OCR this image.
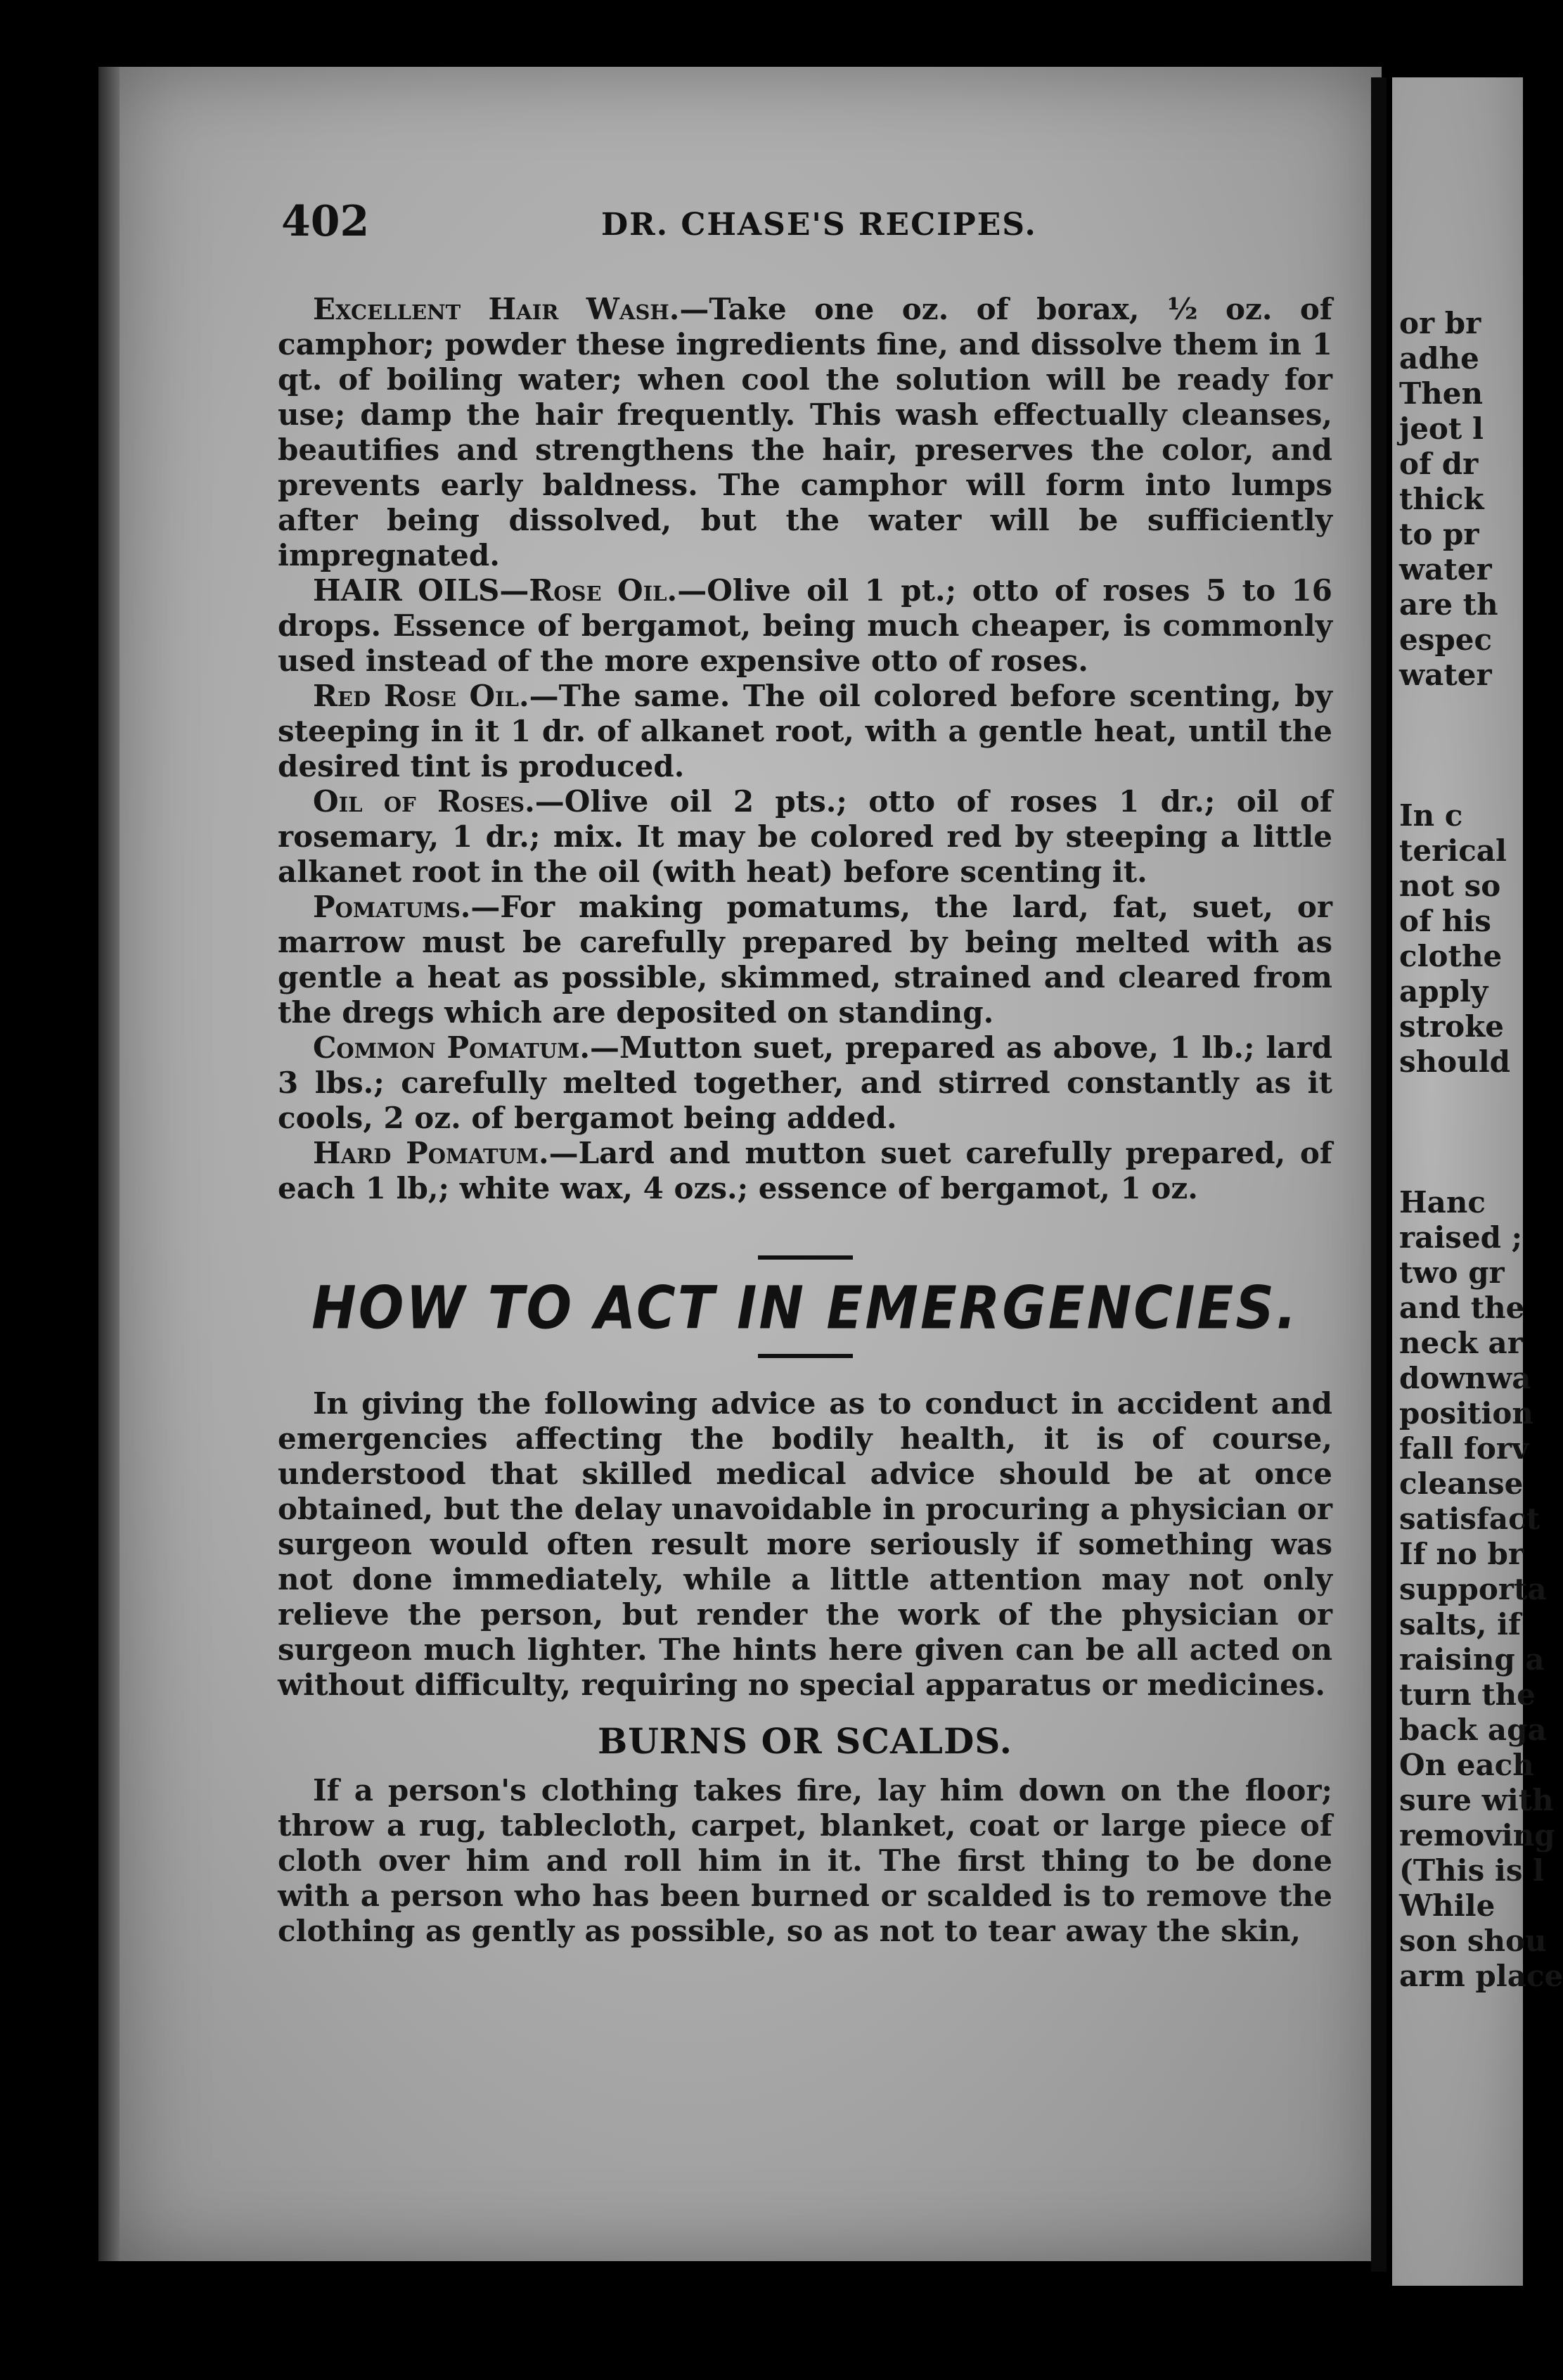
402	DR. CHASE'S RECIPES.

Excellent Hair Wash.—Take one oz. of borax, ½ oz. of camphor; powder these ingredients fine, and dissolve them in 1 qt. of boiling water; when cool the solution will be ready for use; damp the hair frequently. This wash effectually cleanses, beautifies and strengthens the hair, preserves the color, and prevents early baldness. The camphor will form into lumps after being dissolved, but the water will be sufficiently impregnated.

HAIR OILS—Rose Oil.—Olive oil 1 pt.; otto of roses 5 to 16 drops. Essence of bergamot, being much cheaper, is commonly used instead of the more expensive otto of roses.

Red Rose Oil.—The same. The oil colored before scenting, by steeping in it 1 dr. of alkanet root, with a gentle heat, until the desired tint is produced.

Oil of Roses.—Olive oil 2 pts.; otto of roses 1 dr.; oil of rosemary, 1 dr.; mix. It may be colored red by steeping a little alkanet root in the oil (with heat) before scenting it.

Pomatums.—For making pomatums, the lard, fat, suet, or marrow must be carefully prepared by being melted with as gentle a heat as possible, skimmed, strained and cleared from the dregs which are deposited on standing.

Common Pomatum.—Mutton suet, prepared as above, 1 lb.; lard 3 lbs.; carefully melted together, and stirred constantly as it cools, 2 oz. of bergamot being added.

Hard Pomatum.—Lard and mutton suet carefully prepared, of each 1 lb,; white wax, 4 ozs.; essence of bergamot, 1 oz.

HOW TO ACT IN EMERGENCIES.

In giving the following advice as to conduct in accident and emergencies affecting the bodily health, it is of course, understood that skilled medical advice should be at once obtained, but the delay unavoidable in procuring a physician or surgeon would often result more seriously if something was not done immediately, while a little attention may not only relieve the person, but render the work of the physician or surgeon much lighter. The hints here given can be all acted on without difficulty, requiring no special apparatus or medicines.

BURNS OR SCALDS.

If a person's clothing takes fire, lay him down on the floor; throw a rug, tablecloth, carpet, blanket, coat or large piece of cloth over him and roll him in it. The first thing to be done with a person who has been burned or scalded is to remove the clothing as gently as possible, so as not to tear away the skin,

or br
adhe
Then
jeot l
of dr
thick
to pr
water
are th
espec
water
In c
terical
not so
of his
clothe
apply
stroke
should
Hanc
raised ;
two gr
and the
neck ar
downwa
position
fall forv
cleanse
satisfact
If no br
supporta
salts, if
raising a
turn the
back aga
On each
sure with
removing
(This is l
While
son shou
arm place
